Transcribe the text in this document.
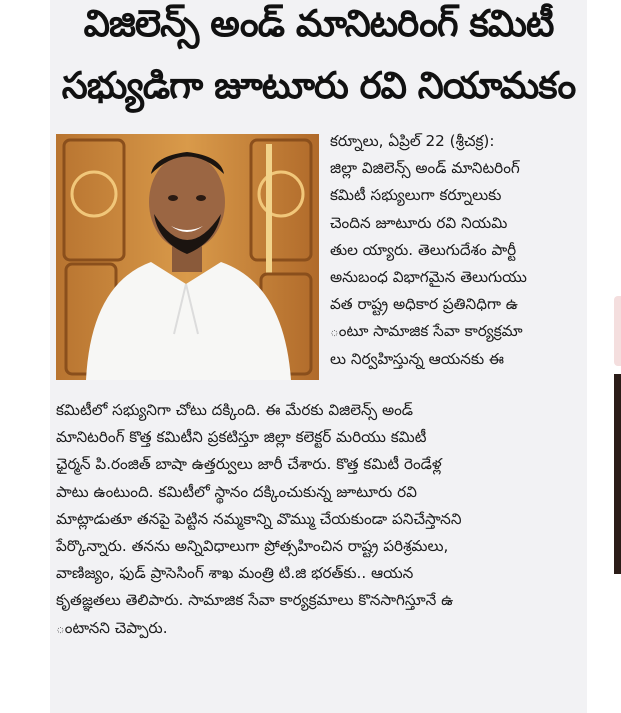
విజిలెన్స్ అండ్ మానిటరింగ్ కమిటీ
సభ్యుడిగా జూటూరు రవి నియామకం
కర్నూలు, ఏప్రిల్ 22 (శ్రీచక్ర):
జిల్లా విజిలెన్స్ అండ్ మానిటరింగ్
కమిటీ సభ్యులుగా కర్నూలుకు
చెందిన జూటూరు రవి నియమి
తుల య్యారు. తెలుగుదేశం పార్టీ
అనుబంధ విభాగమైన తెలుగుయు
వత రాష్ట్ర అధికార ప్రతినిధిగా ఉ
ంటూ సామాజిక సేవా కార్యక్రమా
లు నిర్వహిస్తున్న ఆయనకు ఈ
కమిటీలో సభ్యునిగా చోటు దక్కింది. ఈ మేరకు విజిలెన్స్ అండ్
మానిటరింగ్ కొత్త కమిటీని ప్రకటిస్తూ జిల్లా కలెక్టర్ మరియు కమిటీ
ఛైర్మన్ పి.రంజిత్ బాషా ఉత్తర్వులు జారీ చేశారు. కొత్త కమిటీ రెండేళ్ల
పాటు ఉంటుంది. కమిటీలో స్థానం దక్కించుకున్న జూటూరు రవి
మాట్లాడుతూ తనపై పెట్టిన నమ్మకాన్ని వొమ్ము చేయకుండా పనిచేస్తానని
పేర్కొన్నారు. తనను అన్నివిధాలుగా ప్రోత్సహించిన రాష్ట్ర పరిశ్రమలు,
వాణిజ్యం, ఫుడ్ ప్రాసెసింగ్ శాఖ మంత్రి టి.జి భరత్‌కు.. ఆయన
కృతజ్ఞతలు తెలిపారు. సామాజిక సేవా కార్యక్రమాలు కొనసాగిస్తూనే ఉ
ంటానని చెప్పారు.
